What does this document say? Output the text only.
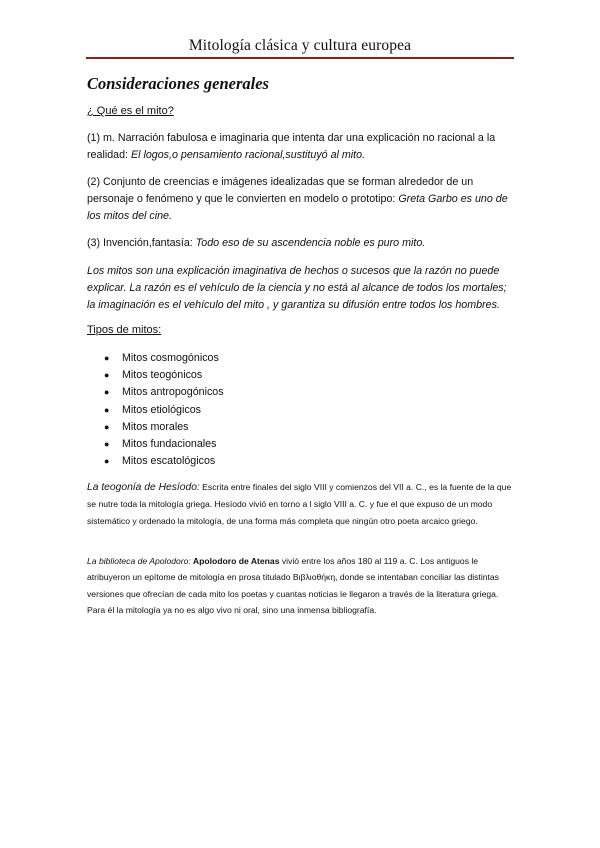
Mitología clásica y cultura europea
Consideraciones generales

¿ Qué es el mito?

(1) m. Narración fabulosa e imaginaria que intenta dar una explicación no racional a la realidad: El logos,o pensamiento racional,sustituyó al mito.

(2) Conjunto de creencias e imágenes idealizadas que se forman alrededor de un personaje o fenómeno y que le convierten en modelo o prototipo: Greta Garbo es uno de los mitos del cine.

(3) Invención,fantasía: Todo eso de su ascendencia noble es puro mito.

Los mitos son una explicación imaginativa de hechos o sucesos que la razón no puede explicar. La razón es el vehículo de la ciencia y no está al alcance de todos los mortales; la imaginación es el vehículo del mito , y garantiza su difusión entre todos los hombres.

Tipos de mitos:

● Mitos cosmogónicos
● Mitos teogónicos
● Mitos antropogónicos
● Mitos etiológicos
● Mitos morales
● Mitos fundacionales
● Mitos escatológicos

La teogonía de Hesíodo: Escrita entre finales del siglo VIII y comienzos del VII a. C., es la fuente de la que se nutre toda la mitología griega. Hesíodo vivió en torno a l siglo VIII a. C. y fue el que expuso de un modo sistemático y ordenado la mitología, de una forma más completa que ningún otro poeta arcaico griego.

La biblioteca de Apolodoro: Apolodoro de Atenas vivió entre los años 180 al 119 a. C. Los antiguos le atribuyeron un epítome de mitología en prosa titulado Βιβλιοθήκη, donde se intentaban conciliar las distintas versiones que ofrecían de cada mito los poetas y cuantas noticias le llegaron a través de la literatura griega. Para él la mitología ya no es algo vivo ni oral, sino una inmensa bibliografía.
